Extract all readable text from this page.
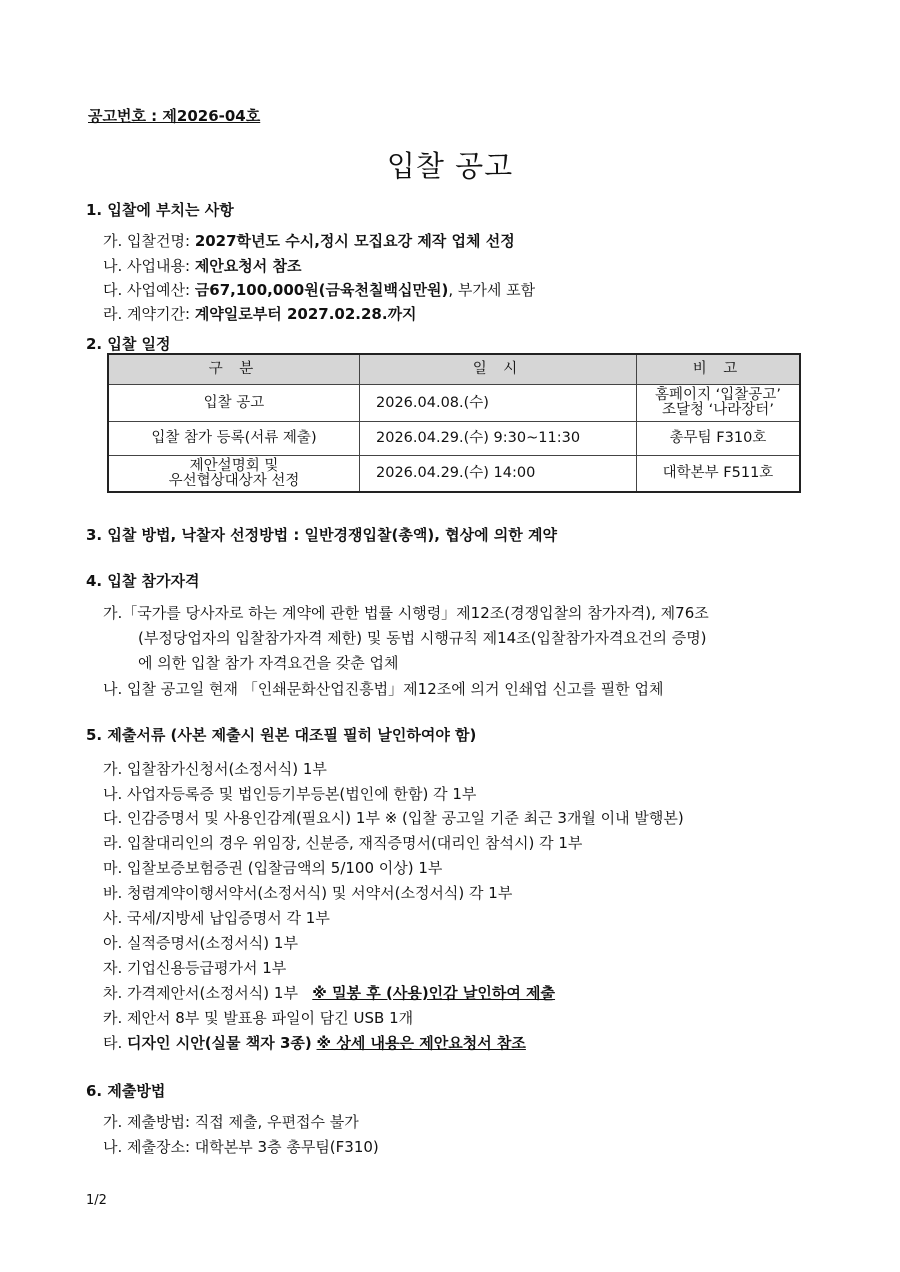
공고번호 : 제2026-04호
입찰 공고
1. 입찰에 부치는 사항
가. 입찰건명: 2027학년도 수시,정시 모집요강 제작 업체 선정
나. 사업내용: 제안요청서 참조
다. 사업예산: 금67,100,000원(금육천칠백십만원), 부가세 포함
라. 계약기간: 계약일로부터 2027.02.28.까지
2. 입찰 일정
구 분	일 시	비 고
입찰 공고	2026.04.08.(수)	홈페이지 ‘입찰공고’
조달청 ‘나라장터’

입찰 참가 등록(서류 제출)	2026.04.29.(수) 9:30~11:30	총무팀 F310호

제안설명회 및
우선협상대상자 선정	2026.04.29.(수) 14:00	대학본부 F511호
3. 입찰 방법, 낙찰자 선정방법 : 일반경쟁입찰(총액), 협상에 의한 계약
4. 입찰 참가자격
가.「국가를 당사자로 하는 계약에 관한 법률 시행령」제12조(경쟁입찰의 참가자격), 제76조
(부정당업자의 입찰참가자격 제한) 및 동법 시행규칙 제14조(입찰참가자격요건의 증명)
에 의한 입찰 참가 자격요건을 갖춘 업체
나. 입찰 공고일 현재 「인쇄문화산업진흥법」제12조에 의거 인쇄업 신고를 필한 업체
5. 제출서류 (사본 제출시 원본 대조필 필히 날인하여야 함)
가. 입찰참가신청서(소정서식) 1부
나. 사업자등록증 및 법인등기부등본(법인에 한함) 각 1부
다. 인감증명서 및 사용인감계(필요시) 1부 ※ (입찰 공고일 기준 최근 3개월 이내 발행본)
라. 입찰대리인의 경우 위임장, 신분증, 재직증명서(대리인 참석시) 각 1부
마. 입찰보증보험증권 (입찰금액의 5/100 이상) 1부
바. 청렴계약이행서약서(소정서식) 및 서약서(소정서식) 각 1부
사. 국세/지방세 납입증명서 각 1부
아. 실적증명서(소정서식) 1부
자. 기업신용등급평가서 1부
차. 가격제안서(소정서식) 1부 ※ 밀봉 후 (사용)인감 날인하여 제출
카. 제안서 8부 및 발표용 파일이 담긴 USB 1개
타. 디자인 시안(실물 책자 3종) ※ 상세 내용은 제안요청서 참조
6. 제출방법
가. 제출방법: 직접 제출, 우편접수 불가
나. 제출장소: 대학본부 3층 총무팀(F310)
1/2
